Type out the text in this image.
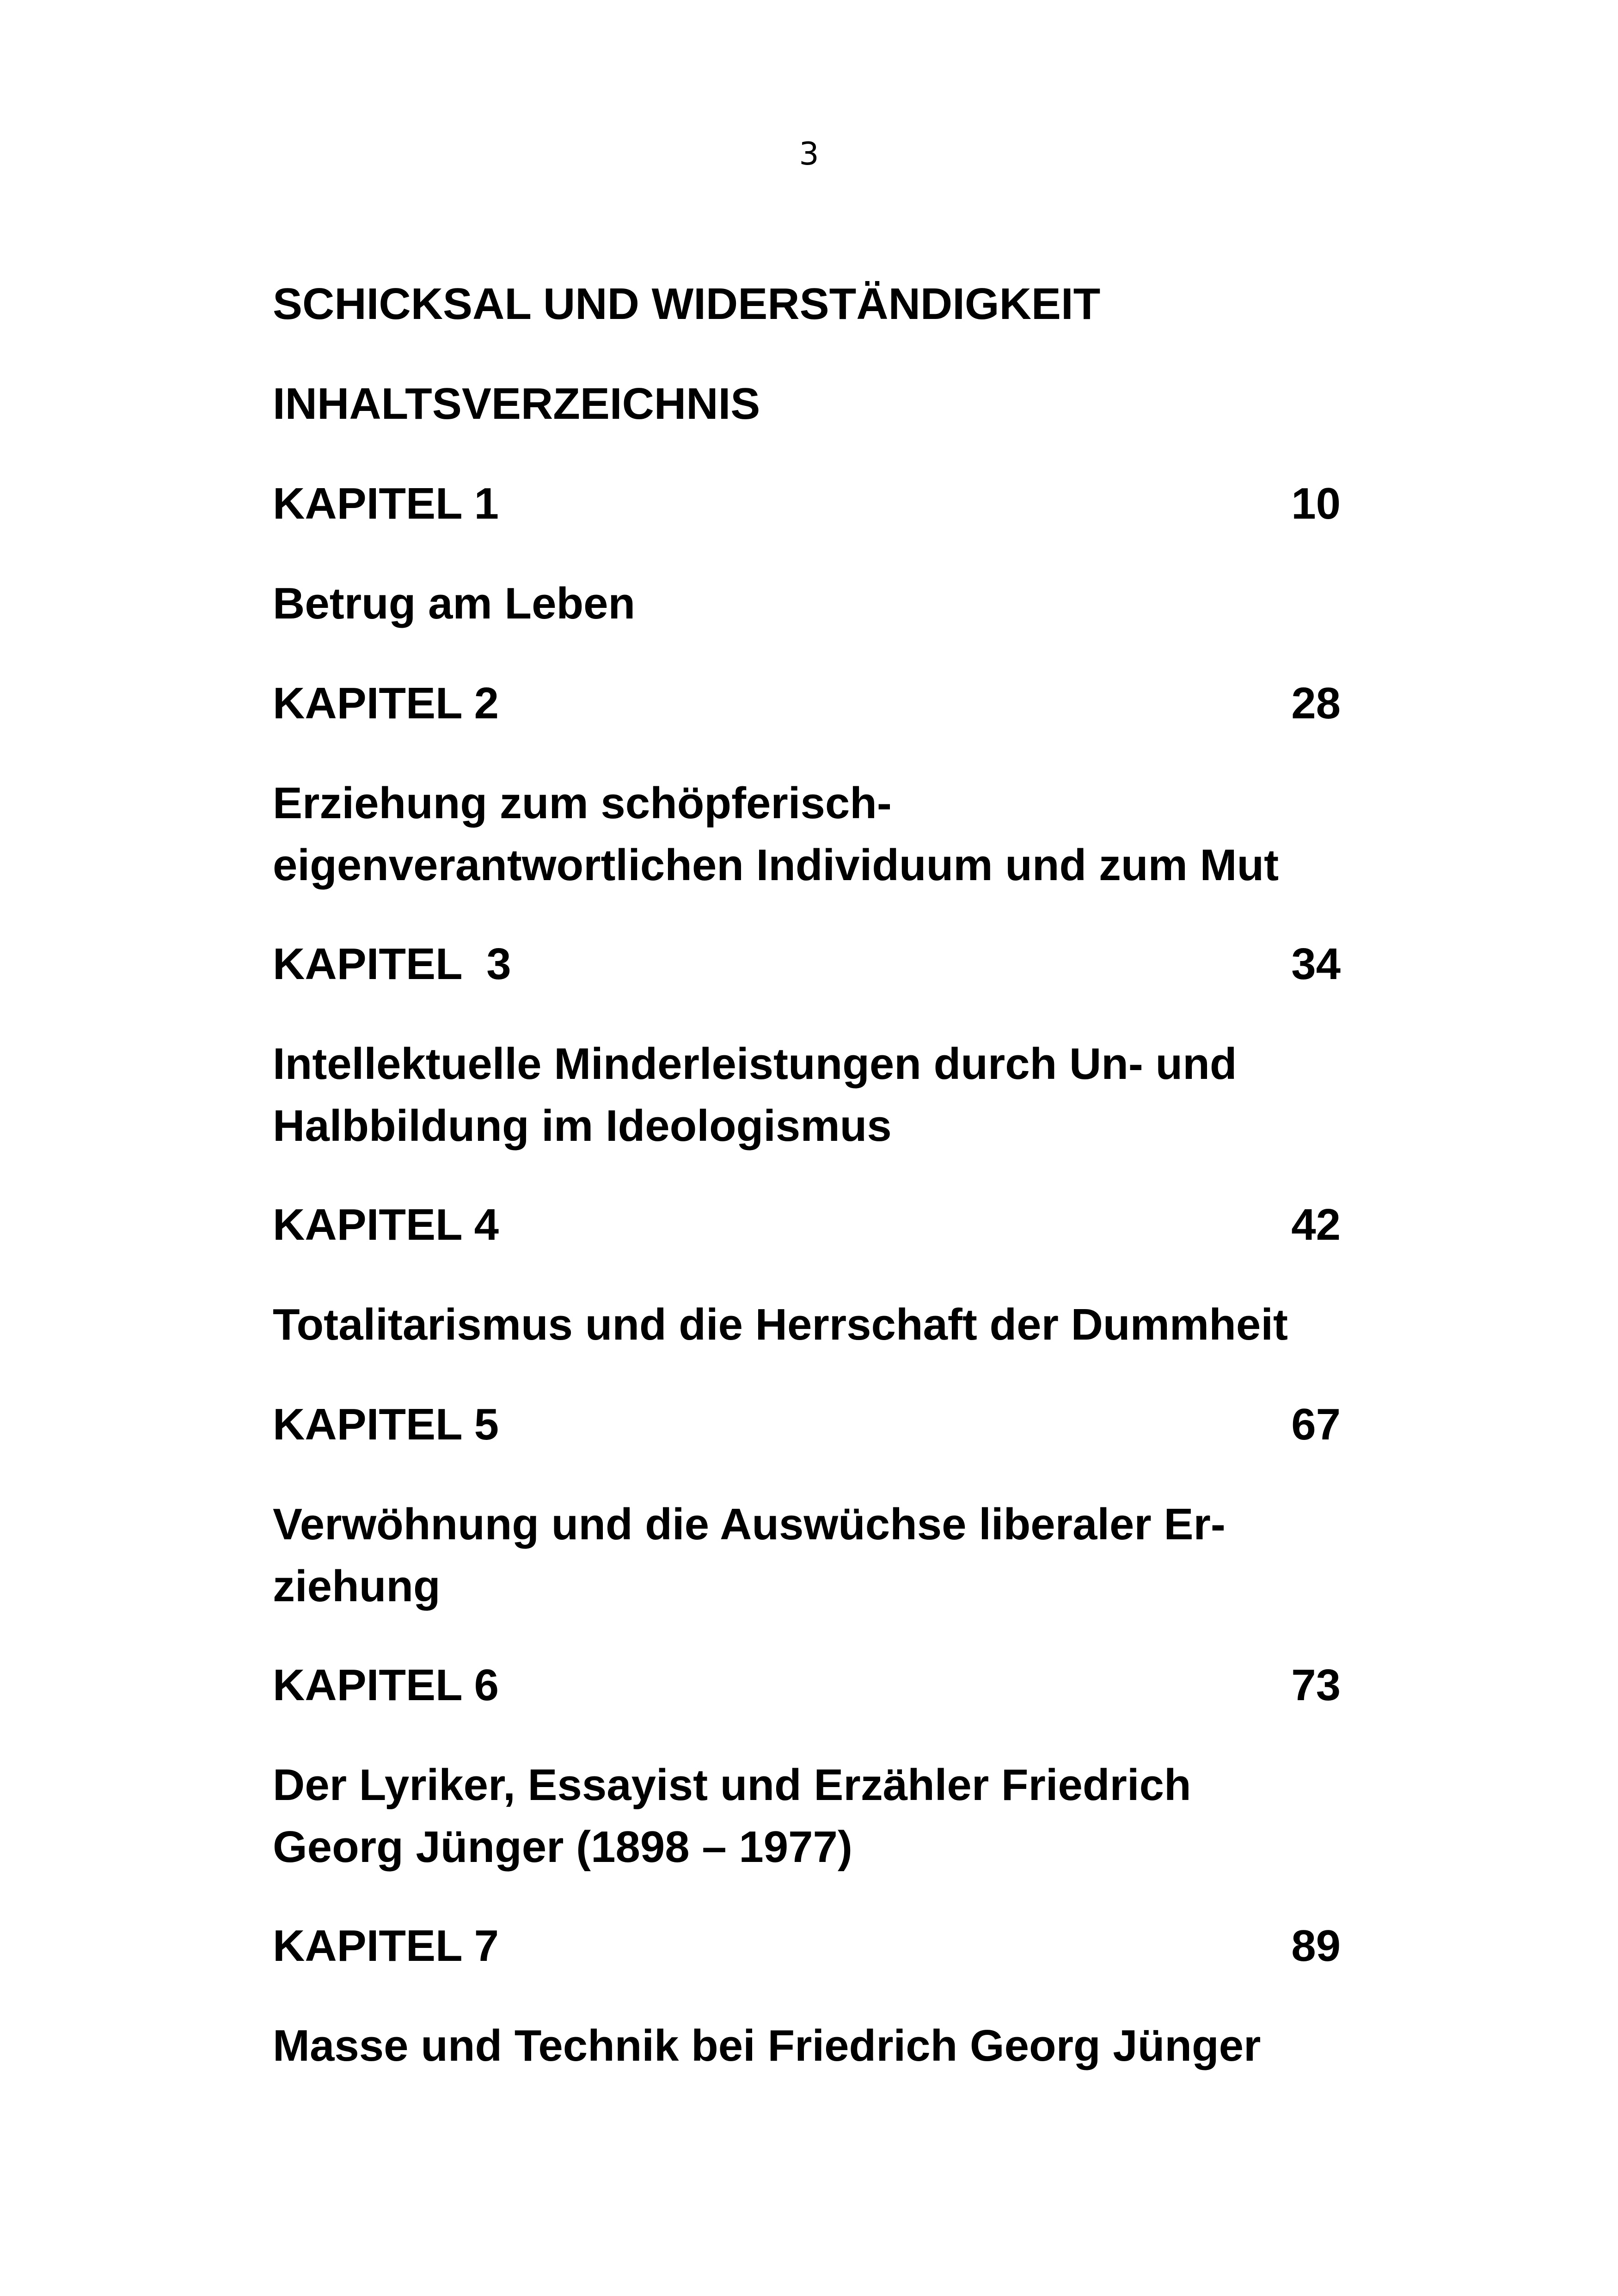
3
SCHICKSAL UND WIDERSTÄNDIGKEIT
INHALTSVERZEICHNIS
KAPITEL 1	10
Betrug am Leben
KAPITEL 2	28
Erziehung zum schöpferisch-
eigenverantwortlichen Individuum und zum Mut
KAPITEL  3	34
Intellektuelle Minderleistungen durch Un- und
Halbbildung im Ideologismus
KAPITEL 4	42
Totalitarismus und die Herrschaft der Dummheit
KAPITEL 5	67
Verwöhnung und die Auswüchse liberaler Er-
ziehung
KAPITEL 6	73
Der Lyriker, Essayist und Erzähler Friedrich
Georg Jünger (1898 – 1977)
KAPITEL 7	89
Masse und Technik bei Friedrich Georg Jünger
